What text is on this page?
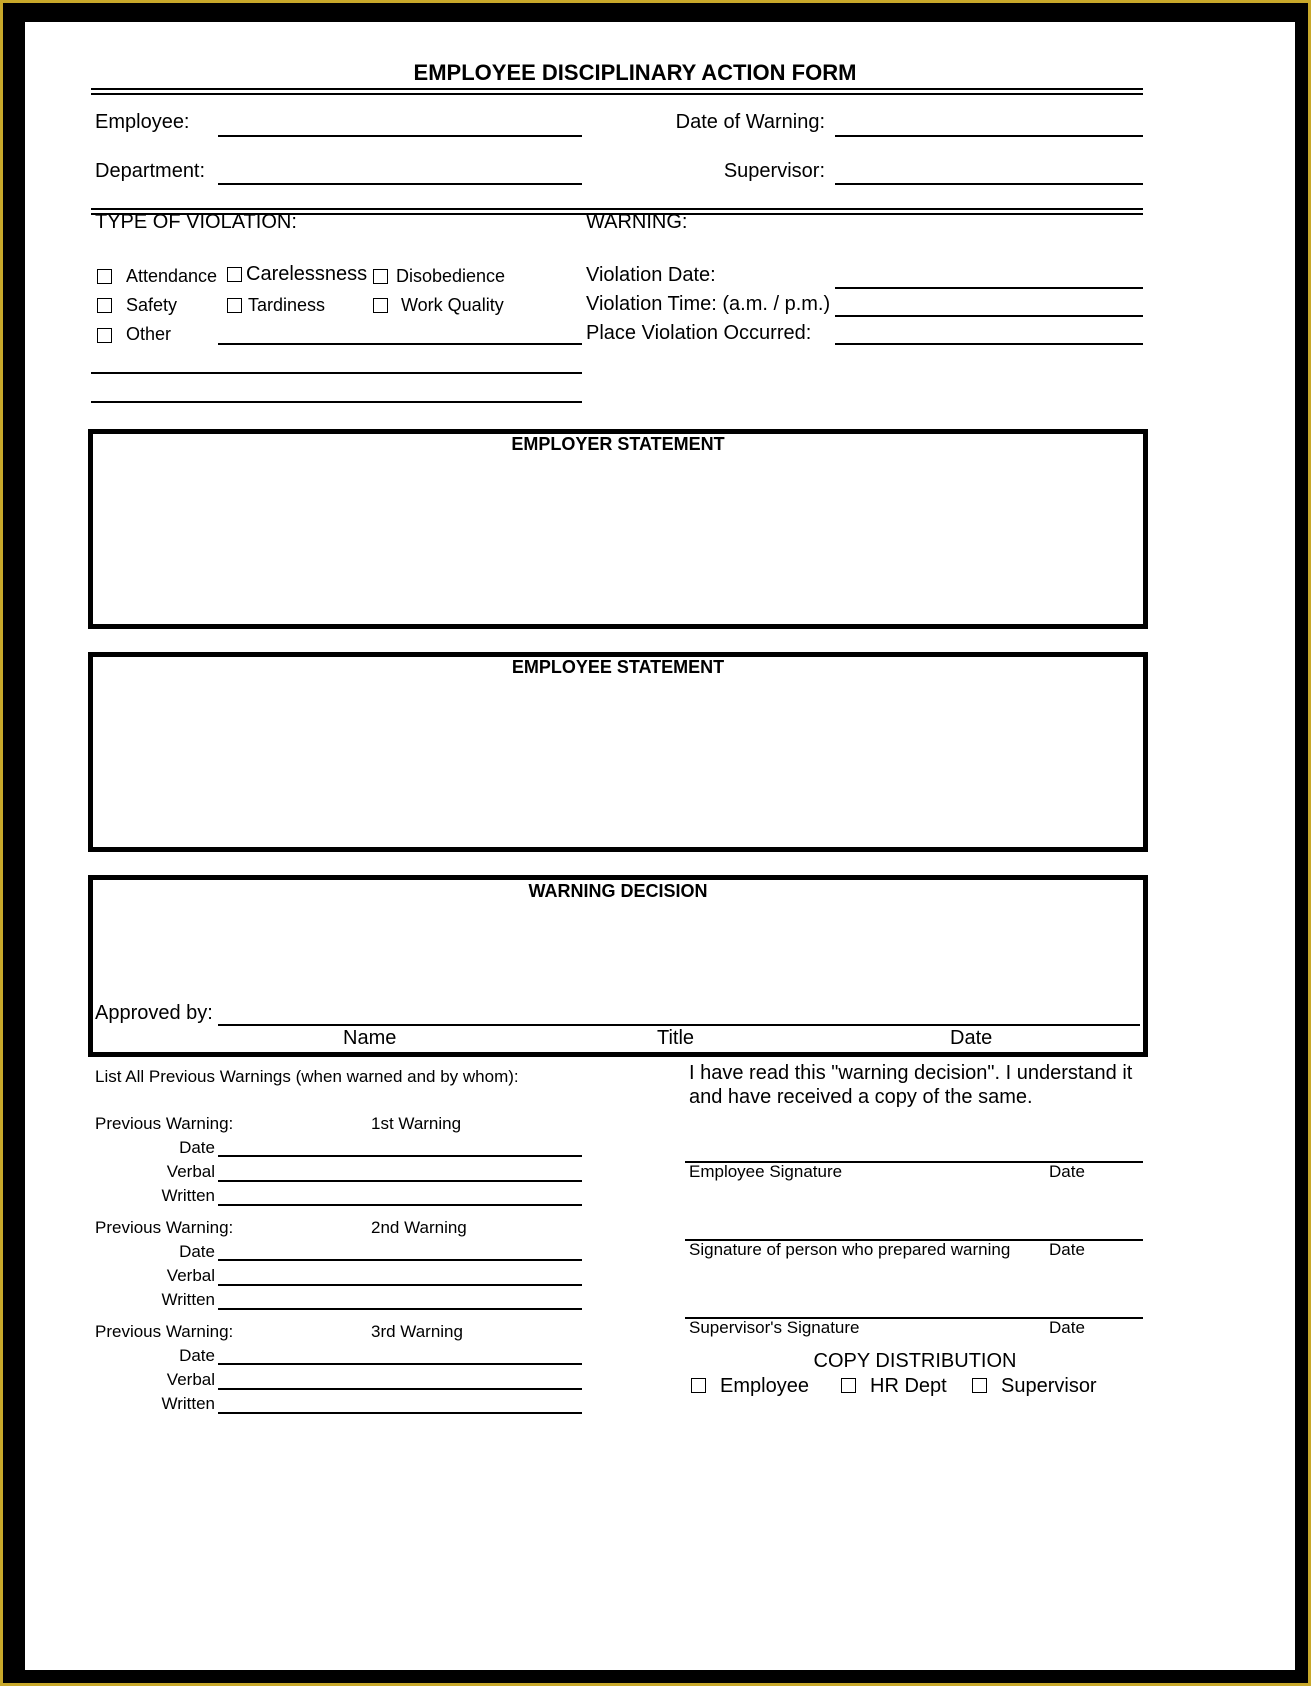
EMPLOYEE DISCIPLINARY ACTION FORM
Employee:	Date of Warning:
Department:	Supervisor:
TYPE OF VIOLATION:
Attendance Carelessness Disobedience
Safety	Tardiness	Work Quality
Other
WARNING:
Violation Date:
Violation Time: (a.m. / p.m.)
Place Violation Occurred:
EMPLOYER STATEMENT
EMPLOYEE STATEMENT
WARNING DECISION
Approved by:
Name	Title	Date
List All Previous Warnings (when warned and by whom):
Previous Warning:	1st Warning
Date
Verbal
Written
Previous Warning:	2nd Warning
Date
Verbal
Written
Previous Warning:	3rd Warning
Date
Verbal
Written
I have read this "warning decision". I understand it
and have received a copy of the same.
Employee Signature	Date
Signature of person who prepared warning Date
Supervisor's Signature	Date
COPY DISTRIBUTION
Employee	HR Dept	Supervisor
